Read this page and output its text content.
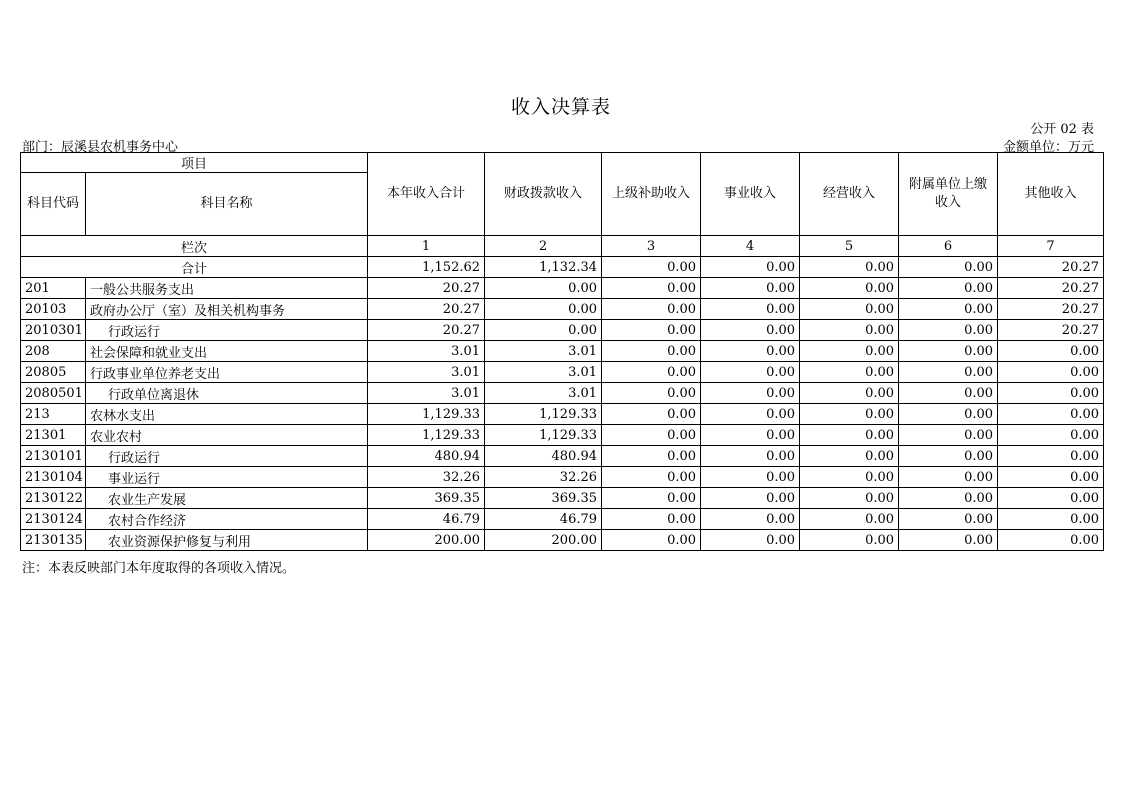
收入决算表
公开 02 表
部门：辰溪县农机事务中心	金额单位：万元
项目		本年收入合计	财政拨款收入	上级补助收入	事业收入	经营收入	附属单位上缴收入	其他收入
科目代码	科目名称							
栏次		1	2	3	4	5	6	7
合计		1,152.62	1,132.34	0.00	0.00	0.00	0.00	20.27
201	一般公共服务支出	20.27	0.00	0.00	0.00	0.00	0.00	20.27
20103	政府办公厅（室）及相关机构事务	20.27	0.00	0.00	0.00	0.00	0.00	20.27
2010301	行政运行	20.27	0.00	0.00	0.00	0.00	0.00	20.27
208	社会保障和就业支出	3.01	3.01	0.00	0.00	0.00	0.00	0.00
20805	行政事业单位养老支出	3.01	3.01	0.00	0.00	0.00	0.00	0.00
2080501	行政单位离退休	3.01	3.01	0.00	0.00	0.00	0.00	0.00
213	农林水支出	1,129.33	1,129.33	0.00	0.00	0.00	0.00	0.00
21301	农业农村	1,129.33	1,129.33	0.00	0.00	0.00	0.00	0.00
2130101	行政运行	480.94	480.94	0.00	0.00	0.00	0.00	0.00
2130104	事业运行	32.26	32.26	0.00	0.00	0.00	0.00	0.00
2130122	农业生产发展	369.35	369.35	0.00	0.00	0.00	0.00	0.00
2130124	农村合作经济	46.79	46.79	0.00	0.00	0.00	0.00	0.00
2130135	农业资源保护修复与利用	200.00	200.00	0.00	0.00	0.00	0.00	0.00
注：本表反映部门本年度取得的各项收入情况。
